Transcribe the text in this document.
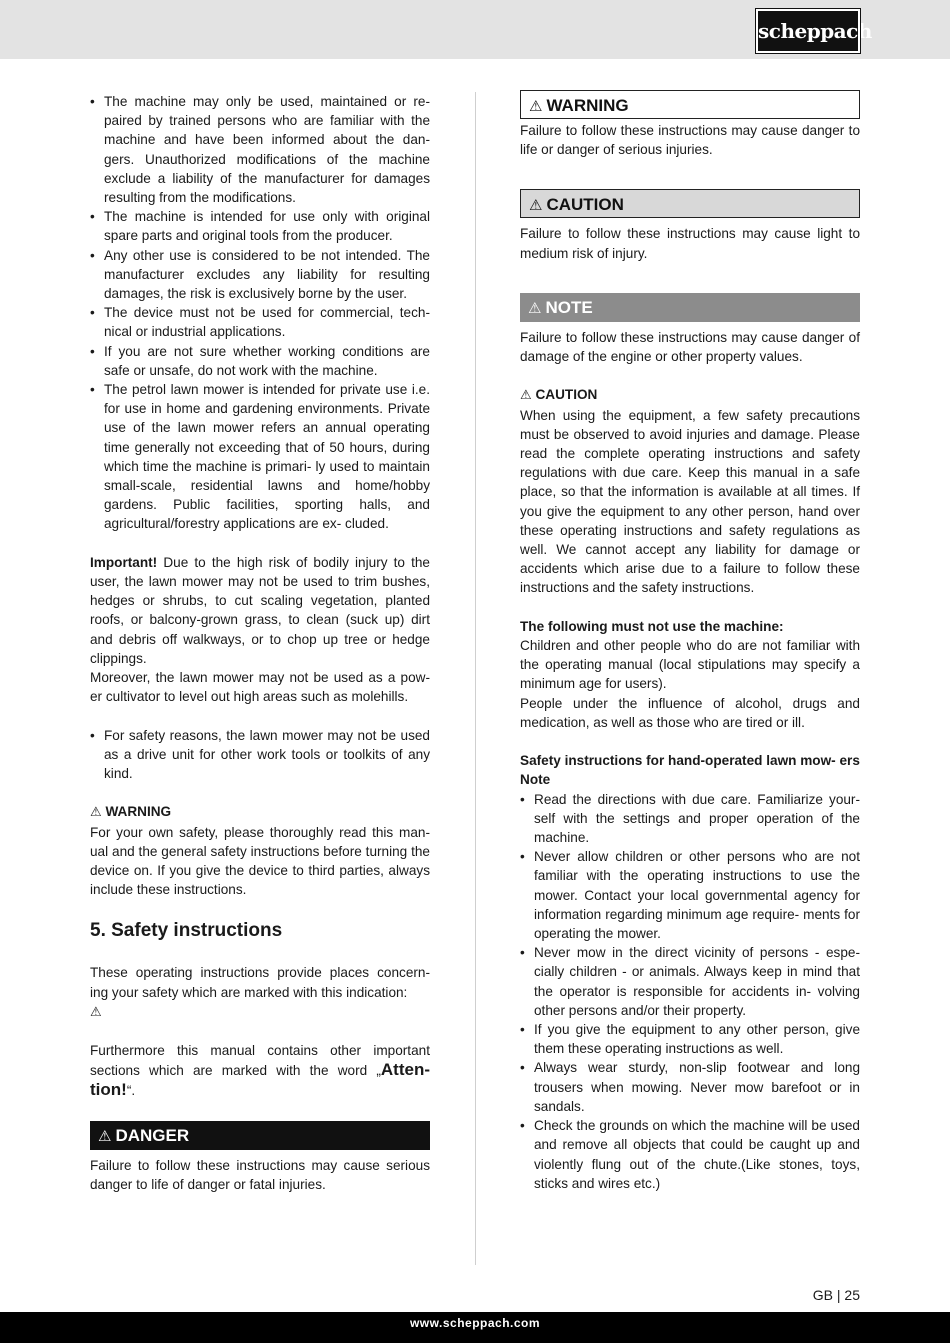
scheppach
• The machine may only be used, maintained or re- paired by trained persons who are familiar with the machine and have been informed about the dan- gers. Unauthorized modifications of the machine exclude a liability of the manufacturer for damages resulting from the modifications.
• The machine is intended for use only with original spare parts and original tools from the producer.
• Any other use is considered to be not intended. The manufacturer excludes any liability for resulting damages, the risk is exclusively borne by the user.
• The device must not be used for commercial, tech- nical or industrial applications.
• If you are not sure whether working conditions are safe or unsafe, do not work with the machine.
• The petrol lawn mower is intended for private use i.e. for use in home and gardening environments. Private use of the lawn mower refers an annual operating time generally not exceeding that of 50 hours, during which time the machine is primari- ly used to maintain small-scale, residential lawns and home/hobby gardens. Public facilities, sporting halls, and agricultural/forestry applications are ex- cluded.

Important! Due to the high risk of bodily injury to the user, the lawn mower may not be used to trim bushes, hedges or shrubs, to cut scaling vegetation, planted roofs, or balcony-grown grass, to clean (suck up) dirt and debris off walkways, or to chop up tree or hedge clippings.

Moreover, the lawn mower may not be used as a pow- er cultivator to level out high areas such as molehills.

• For safety reasons, the lawn mower may not be used as a drive unit for other work tools or toolkits of any kind.

⚠ WARNING

For your own safety, please thoroughly read this man- ual and the general safety instructions before turning the device on. If you give the device to third parties, always include these instructions.

5. Safety instructions

These operating instructions provide places concern- ing your safety which are marked with this indication:

⚠

Furthermore this manual contains other important sections which are marked with the word „Atten- tion!“.

⚠ DANGER

Failure to follow these instructions may cause serious danger to life of danger or fatal injuries.

⚠ WARNING

Failure to follow these instructions may cause danger to life or danger of serious injuries.

⚠ CAUTION

Failure to follow these instructions may cause light to medium risk of injury.

⚠ NOTE

Failure to follow these instructions may cause danger of damage of the engine or other property values.

⚠ CAUTION

When using the equipment, a few safety precautions must be observed to avoid injuries and damage. Please read the complete operating instructions and safety regulations with due care. Keep this manual in a safe place, so that the information is available at all times. If you give the equipment to any other person, hand over these operating instructions and safety regulations as well. We cannot accept any liability for damage or accidents which arise due to a failure to follow these instructions and the safety instructions.

The following must not use the machine:

Children and other people who do are not familiar with the operating manual (local stipulations may specify a minimum age for users).

People under the influence of alcohol, drugs and medication, as well as those who are tired or ill.

Safety instructions for hand-operated lawn mow- ers

Note

• Read the directions with due care. Familiarize your- self with the settings and proper operation of the machine.
• Never allow children or other persons who are not familiar with the operating instructions to use the mower. Contact your local governmental agency for information regarding minimum age require- ments for operating the mower.
• Never mow in the direct vicinity of persons - espe- cially children - or animals. Always keep in mind that the operator is responsible for accidents in- volving other persons and/or their property.
• If you give the equipment to any other person, give them these operating instructions as well.
• Always wear sturdy, non-slip footwear and long trousers when mowing. Never mow barefoot or in sandals.
• Check the grounds on which the machine will be used and remove all objects that could be caught up and violently flung out of the chute.(Like stones, toys, sticks and wires etc.)
GB | 25
www.scheppach.com
